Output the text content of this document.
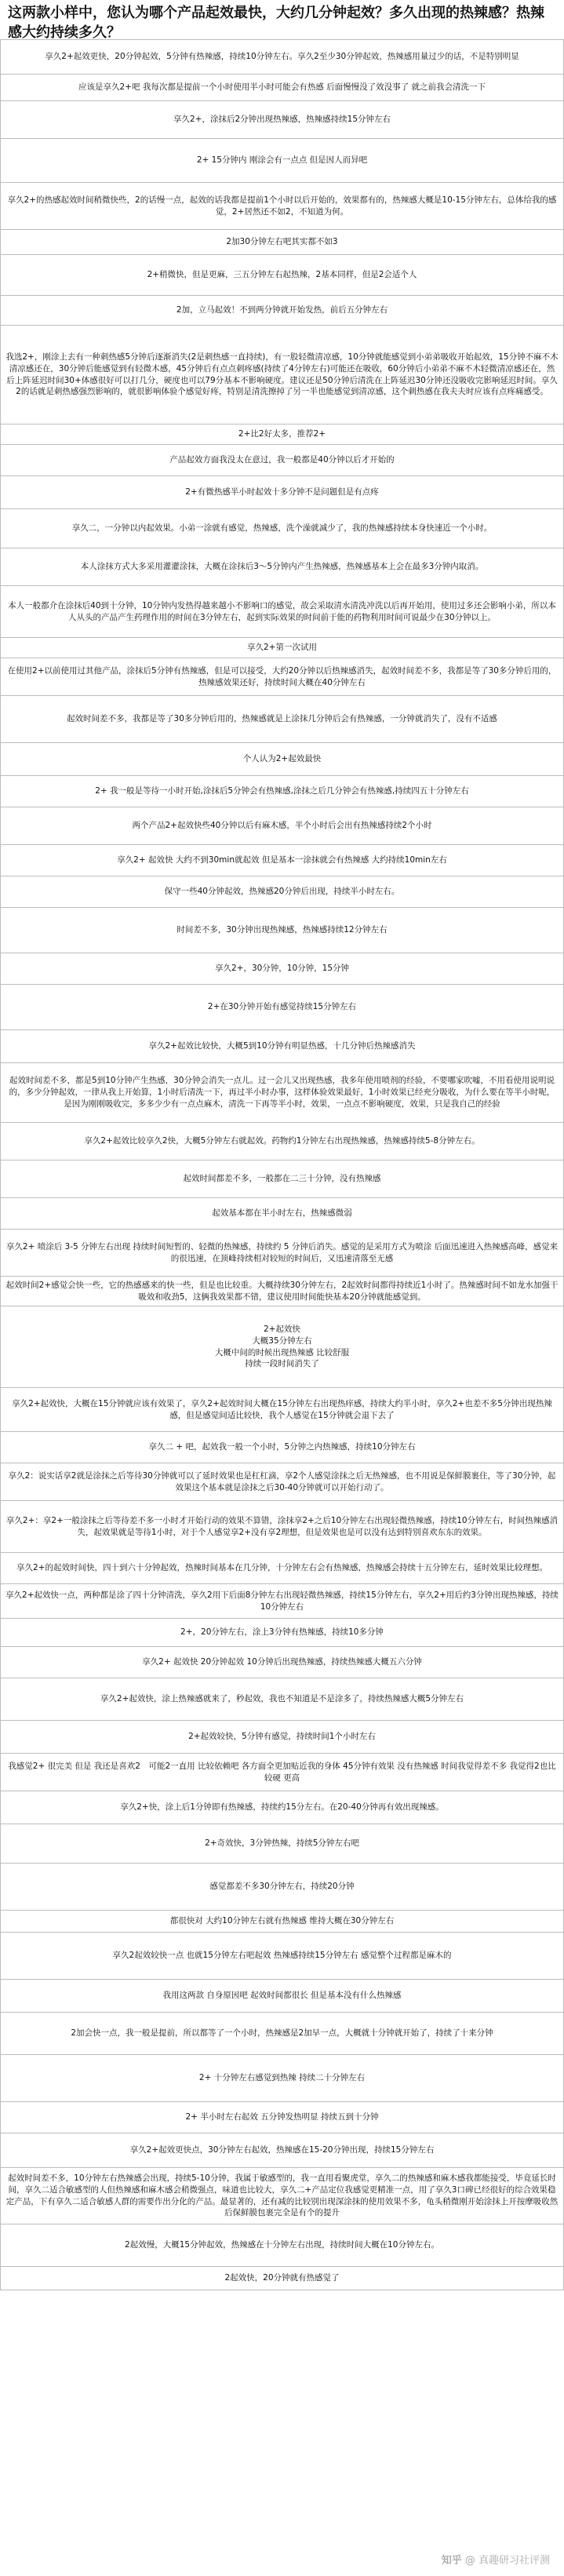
这两款小样中，您认为哪个产品起效最快，大约几分钟起效？多久出现的热辣感？热辣感大约持续多久？
享久2+起效更快，20分钟起效，5分钟有热辣感，持续10分钟左右。享久2至少30分钟起效，热辣感用量过少的话，不是特别明显
应该是享久2+吧 我每次都是提前一个小时使用半小时可能会有热感 后面慢慢没了效没事了 就之前我会清洗一下
享久2+，涂抹后2分钟出现热辣感，热辣感持续15分钟左右
2+ 15分钟内 刚涂会有一点点 但是因人而异吧
享久2+的热感起效时间稍微快些，2的话慢一点，起效的话我都是提前1个小时以后开始的，效果都有的，热辣感大概是10-15分钟左右，总体给我的感觉，2+居然还不如2，不知道为何。
2加30分钟左右吧其实都不如3
2+稍微快，但是更麻，三五分钟左右起热辣，2基本同样，但是2会适个人
2加，立马起效！不到两分钟就开始发热，前后五分钟左右
我选2+，刚涂上去有一种刺热感5分钟后逐渐消失(2是刺热感一直持续)，有一股轻微清凉感，10分钟就能感觉到小弟弟吸收开始起效，15分钟不麻不木清凉感还在，30分钟后能感觉到有轻微木感，45分钟后有点点刺疼感(持续了4分钟左右)可能还在吸收，60分钟后小弟弟不麻不木轻微清凉感还在，然后上阵延迟时间30+体感很好可以打几分，硬度也可以79分基本不影响硬度。建议还是50分钟后清洗在上阵延迟30分钟还没吸收完影响延迟时间。享久2的话就是刺热感强烈影响的，就很影响体验个感觉好疼，特别是清洗擦掉了另一半也能感觉到清凉感，这个刺热感在我夫夫时应该有点疼痛感受。
2+比2好太多，推荐2+
产品起效方面我没太在意过，我一般都是40分钟以后才开始的
2+有微热感半小时起效十多分钟不是问题但是有点疼
享久二，一分钟以内起效果。小弟一涂就有感觉，热辣感，洗个澡就减少了，我的热辣感持续本身快速近一个小时。
本人涂抹方式大多采用灌灌涂抹，大概在涂抹后3～5分钟内产生热辣感，热辣感基本上会在最多3分钟内取消。
本人一般都介在涂抹后40到十分钟，10分钟内发热得越来越小不影响口的感觉，故会采取清水清洗冲洗以后再开始用，使用过多还会影响小弟，所以本人从头的产品产生药理作用的时间在3分钟左右，起到实际效果的时间前于能的药物利用时间可说最少在30分钟以上。
享久2+第一次试用
在使用2+以前使用过其他产品，涂抹后5分钟有热辣感，但是可以接受，大约20分钟以后热辣感消失，起效时间差不多，我都是等了30多分钟后用的，热辣感效果还好，持续时间大概在40分钟左右
起效时间差不多，我都是等了30多分钟后用的，热辣感就是上涂抹几分钟后会有热辣感，一分钟就消失了，没有不适感
个人认为2+起效最快
2+ 我一般是等待一小时开始,涂抹后5分钟会有热辣感,涂抹之后几分钟会有热辣感,持续四五十分钟左右
两个产品2+起效快些40分钟以后有麻木感，半个小时后会出有热辣感持续2个小时
享久2+ 起效快 大约不到30min就起效 但是基本一涂抹就会有热辣感 大约持续10min左右
保守一些40分钟起效，热辣感20分钟后出现，持续半小时左右。
时间差不多，30分钟出现热辣感，热辣感持续12分钟左右
享久2+，30分钟，10分钟，15分钟
2+在30分钟开始有感觉持续15分钟左右
享久2+起效比较快，大概5到10分钟有明显热感，十几分钟后热辣感消失
起效时间差不多，都是5到10分钟产生热感，30分钟会消失一点儿。过一会儿又出现热感，我多年使用喷剂的经验，不要哪家吹嘘，不用看使用说明说的，多少分钟起效，一律从我上开始算，1小时后清洗一下，再过半小时办事，这样体验效果最好，1小时效果已经充分吸收，为什么要在等半小时呢，是因为刚刚吸收完，多多少少有一点点麻木，清洗一下再等半小时，效果，一点点不影响硬度，效果，只是我自己的经验
享久2+起效比较享久2快，大概5分钟左右就起效。药物约1分钟左右出现热辣感，热辣感持续5-8分钟左右。
起效时间都差不多，一般都在二三十分钟，没有热辣感
起效基本都在半小时左右，热辣感微弱
享久2+ 喷涂后 3-5 分钟左右出现 持续时间短暂的、轻微的热辣感，持续约 5 分钟后消失。感觉的是采用方式为喷涂 后面迅速进入热辣感高峰，感觉来的很迅速，在顶峰持续相对较短的时间后，又迅速清落至无感
起效时间2+感觉会快一些，它的热感感来的快一些，但是也比较重。大概持续30分钟左右，2起效时间都得持续近1小时了。热辣感时间不如龙水加强干吸效和收劲5，这俩我效果都不错，建议使用时间能快基本20分钟就能感觉到。
2+起效快
大概35分钟左右
大概中间的时候出现热辣感 比较舒服
持续一段时间消失了
享久2+起效快，大概在15分钟就应该有效果了，享久2+起效时间大概在15分钟左右出现热痒感，持续大约半小时，享久2+也差不多5分钟出现热辣感，但是感觉间适比较快，我个人感觉在15分钟就会退下去了
享久二 + 吧，起效我一般一个小时，5分钟之内热辣感，持续10分钟左右
享久2：说实话享2就是涂抹之后等待30分钟就可以了延时效果也是杠杠滴，享2个人感觉涂抹之后无热辣感，也不用说是保鲜膜裹住，等了30分钟，起效果这个基本就是涂抹之后30-40分钟就可以开始行动了。
享久2+：享2+一般涂抹之后等待差不多一小时才开始行动的效果不算错，涂抹享2+之后10分钟左右出现轻微热辣感，持续10分钟左右，时间热辣感消失，起效果就是等待1小时，对于个人感觉享2+没有享2理想，但是效果也是可以没有达到特别喜欢东东的效果。
享久2+的起效时间快，四十到六十分钟起效，热辣时间基本在几分钟，十分钟左右会有热辣感，热辣感会持续十五分钟左右，延时效果比较理想。
享久2+起效快一点，两种都是涂了四十分钟清洗，享久2用下后面8分钟左右出现轻微热辣感，持续15分钟左右，享久2+用后约3分钟出现热辣感，持续10分钟左右
2+，20分钟左右，涂上3分钟有热辣感，持续10多分钟
享久2+ 起效快 20分钟起效 10分钟后出现热辣感，持续热辣感大概五六分钟
享久2+起效快，涂上热辣感就来了，秒起效，我也不知道是不是涂多了，持续热辣感大概5分钟左右
2+起效较快，5分钟有感觉，持续时间1个小时左右
我感觉2+ 很完美 但是 我还是喜欢2　可能2一直用 比较依赖吧 各方面全更加贴近我的身体 45分钟有效果 没有热辣感 时间我觉得差不多 我觉得2也比较硬 更高
享久2+快，涂上后1分钟即有热辣感，持续约15分左右。在20-40分钟再有效出现辣感。
2+奇效快，3分钟热辣，持续5分钟左右吧
感觉都差不多30分钟左右，持续20分钟
都很快对 大约10分钟左右就有热辣感 维持大概在30分钟左右
享久2起效较快一点 也就15分钟左右吧起效 热辣感持续15分钟左右 感觉整个过程都是麻木的
我用这两款 自身原因吧 起效时间都很长 但是基本没有什么热辣感
2加会快一点，我一般是提前，所以都等了一个小时，热辣感是2加早一点，大概就十分钟就开始了，持续了十来分钟
2+ 十分钟左右感觉到热辣 持续二十分钟左右
2+ 半小时左右起效 五分钟发热明显 持续五到十分钟
享久2+起效更快点，30分钟左右起效，热辣感在15-20分钟出现，持续15分钟左右
起效时间差不多，10分钟左右热辣感会出现，持续5-10分钟，我属于敏感型的，我一直用看聚虎堂，享久二的热辣感和麻木感我都能接受，毕竟延长时间，享久二适合敏感型的人但热辣感和麻木感会稍微强点，味道也比较大，享久二+产品定位我感觉更精准一点，用了享久3口碑已经很好的综合效果稳定产品，下有享久二适合敏感人群的需要作出分化的产品。最显著的，还有减的比较别出现深涂抹的使用效果不多，龟头稍微刚开始涂抹上开按摩吸收然后保鲜膜包裹完全是有个的提升
2起效慢，大概15分钟起效，热辣感在十分钟左右出现，持续时间大概在10分钟左右。
2起效快，20分钟就有热感觉了
知乎 @ 真趣研习社评测
